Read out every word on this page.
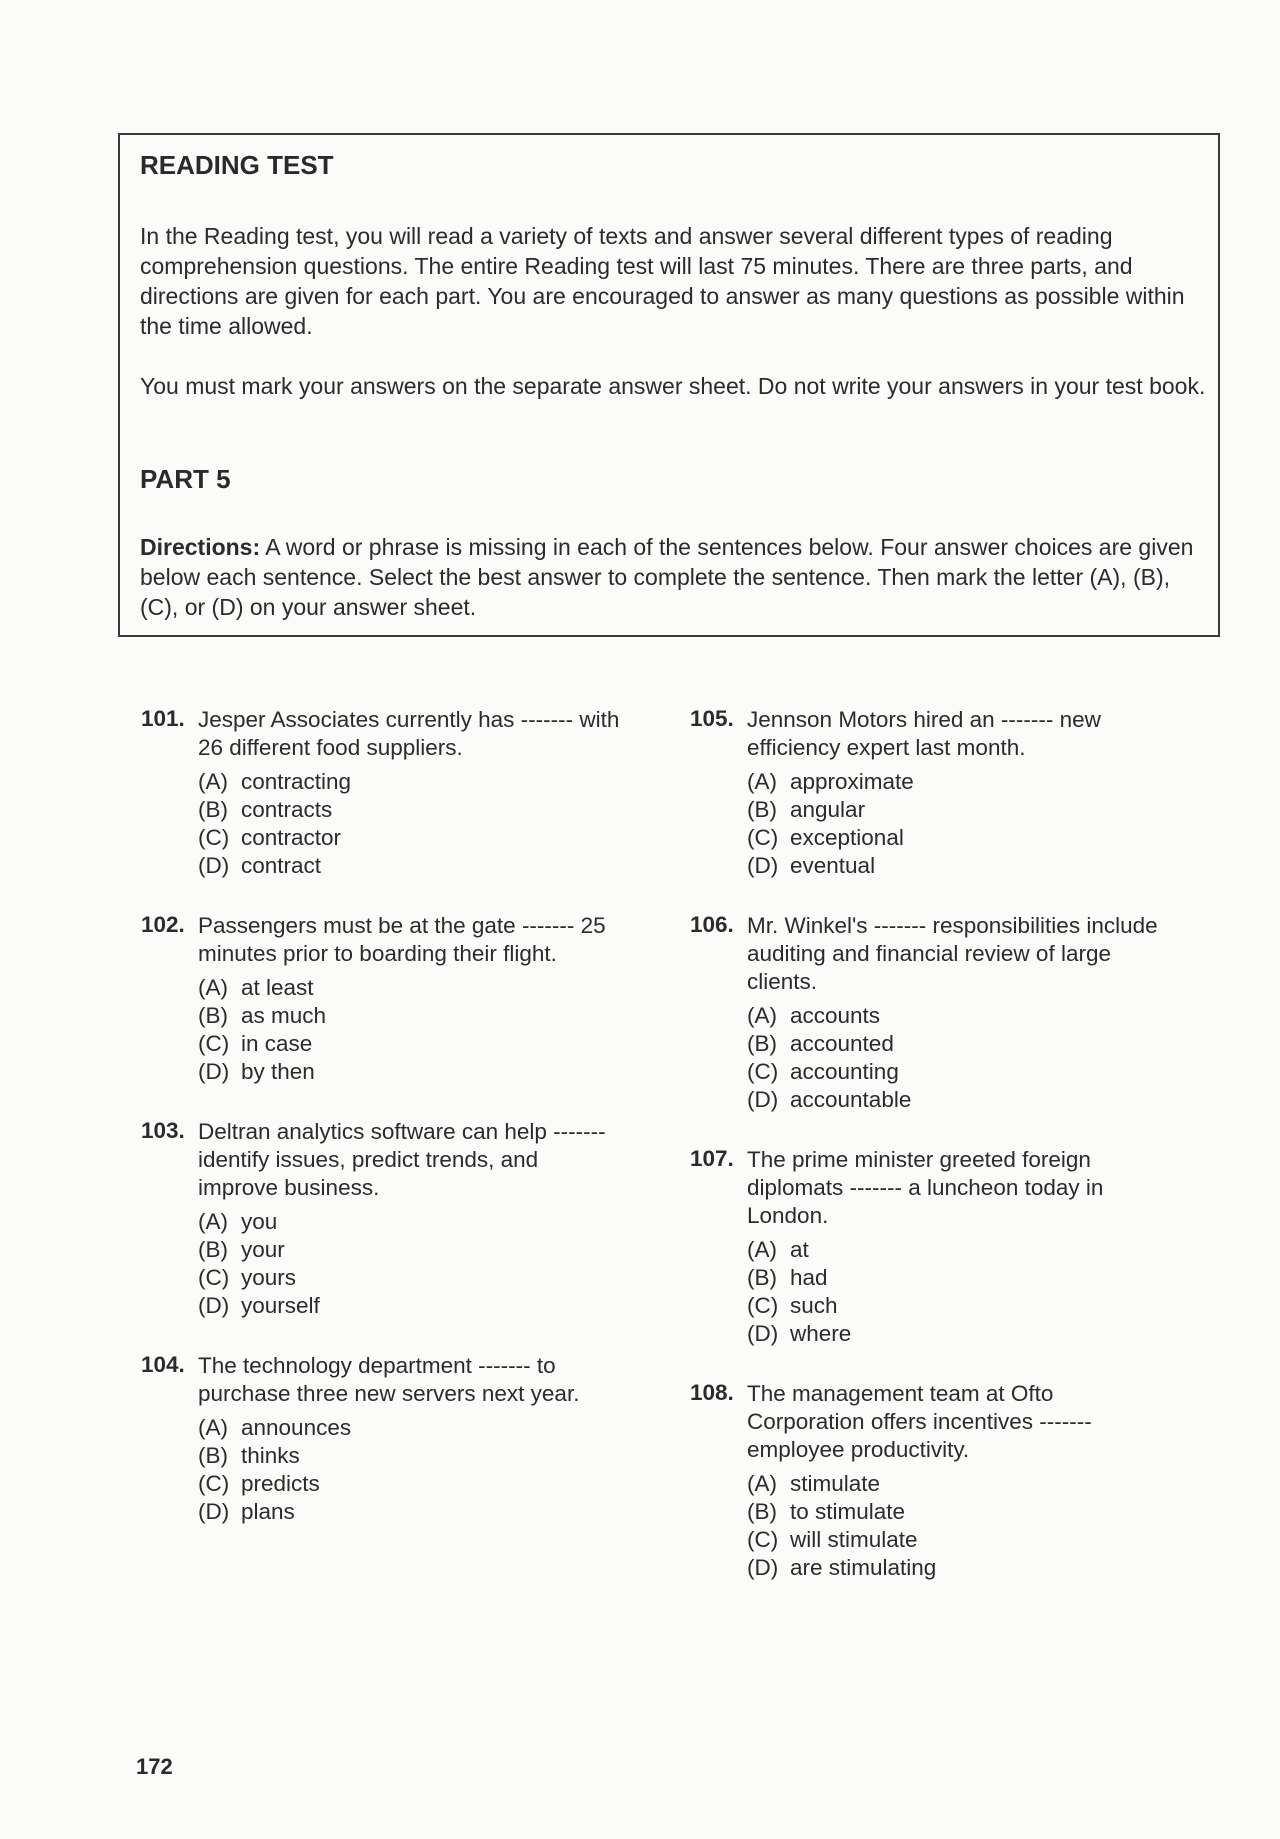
READING TEST

In the Reading test, you will read a variety of texts and answer several different types of reading comprehension questions. The entire Reading test will last 75 minutes. There are three parts, and directions are given for each part. You are encouraged to answer as many questions as possible within the time allowed.

You must mark your answers on the separate answer sheet. Do not write your answers in your test book.

PART 5

Directions: A word or phrase is missing in each of the sentences below. Four answer choices are given below each sentence. Select the best answer to complete the sentence. Then mark the letter (A), (B), (C), or (D) on your answer sheet.

101. Jesper Associates currently has ------- with 26 different food suppliers.
(A) contracting
(B) contracts
(C) contractor
(D) contract
102. Passengers must be at the gate ------- 25 minutes prior to boarding their flight.
(A) at least
(B) as much
(C) in case
(D) by then
103. Deltran analytics software can help ------- identify issues, predict trends, and improve business.
(A) you
(B) your
(C) yours
(D) yourself
104. The technology department ------- to purchase three new servers next year.
(A) announces
(B) thinks
(C) predicts
(D) plans
105. Jennson Motors hired an ------- new efficiency expert last month.
(A) approximate
(B) angular
(C) exceptional
(D) eventual
106. Mr. Winkel's ------- responsibilities include auditing and financial review of large clients.
(A) accounts
(B) accounted
(C) accounting
(D) accountable
107. The prime minister greeted foreign diplomats ------- a luncheon today in London.
(A) at
(B) had
(C) such
(D) where
108. The management team at Ofto Corporation offers incentives ------- employee productivity.
(A) stimulate
(B) to stimulate
(C) will stimulate
(D) are stimulating
172
